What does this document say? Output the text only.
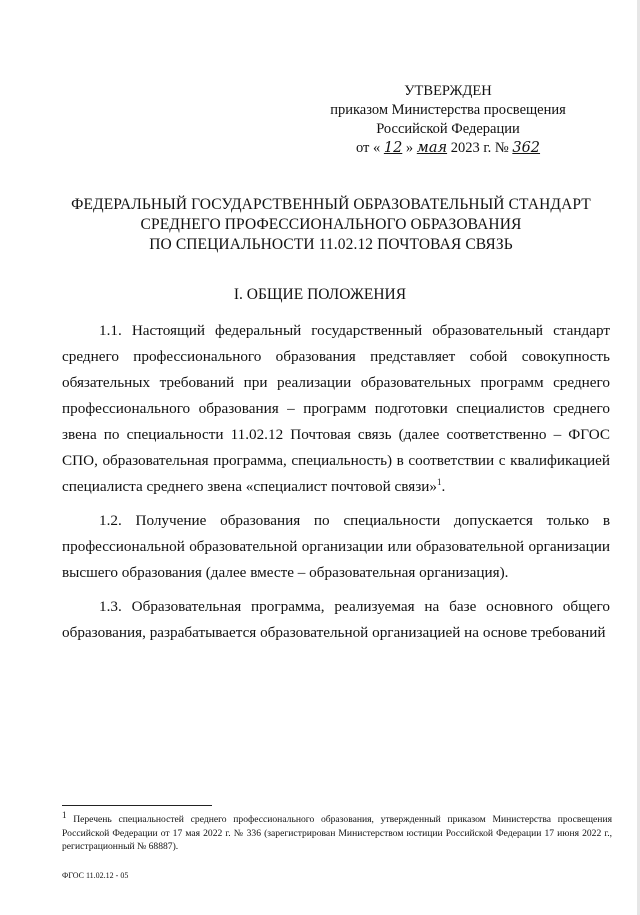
УТВЕРЖДЕН
приказом Министерства просвещения
Российской Федерации
от « 12 » мая 2023 г. № 362
ФЕДЕРАЛЬНЫЙ ГОСУДАРСТВЕННЫЙ ОБРАЗОВАТЕЛЬНЫЙ СТАНДАРТ
СРЕДНЕГО ПРОФЕССИОНАЛЬНОГО ОБРАЗОВАНИЯ
ПО СПЕЦИАЛЬНОСТИ 11.02.12 ПОЧТОВАЯ СВЯЗЬ
I. ОБЩИЕ ПОЛОЖЕНИЯ

1.1. Настоящий федеральный государственный образовательный стандарт среднего профессионального образования представляет собой совокупность обязательных требований при реализации образовательных программ среднего профессионального образования – программ подготовки специалистов среднего звена по специальности 11.02.12 Почтовая связь (далее соответственно – ФГОС СПО, образовательная программа, специальность) в соответствии с квалификацией специалиста среднего звена «специалист почтовой связи»$^1$.

1.2. Получение образования по специальности допускается только в профессиональной образовательной организации или образовательной организации высшего образования (далее вместе – образовательная организация).

1.3. Образовательная программа, реализуемая на базе основного общего образования, разрабатывается образовательной организацией на основе требований

$^1$ Перечень специальностей среднего профессионального образования, утвержденный приказом Министерства просвещения Российской Федерации от 17 мая 2022 г. № 336 (зарегистрирован Министерством юстиции Российской Федерации 17 июня 2022 г., регистрационный № 68887).
ФГОС 11.02.12 - 05
